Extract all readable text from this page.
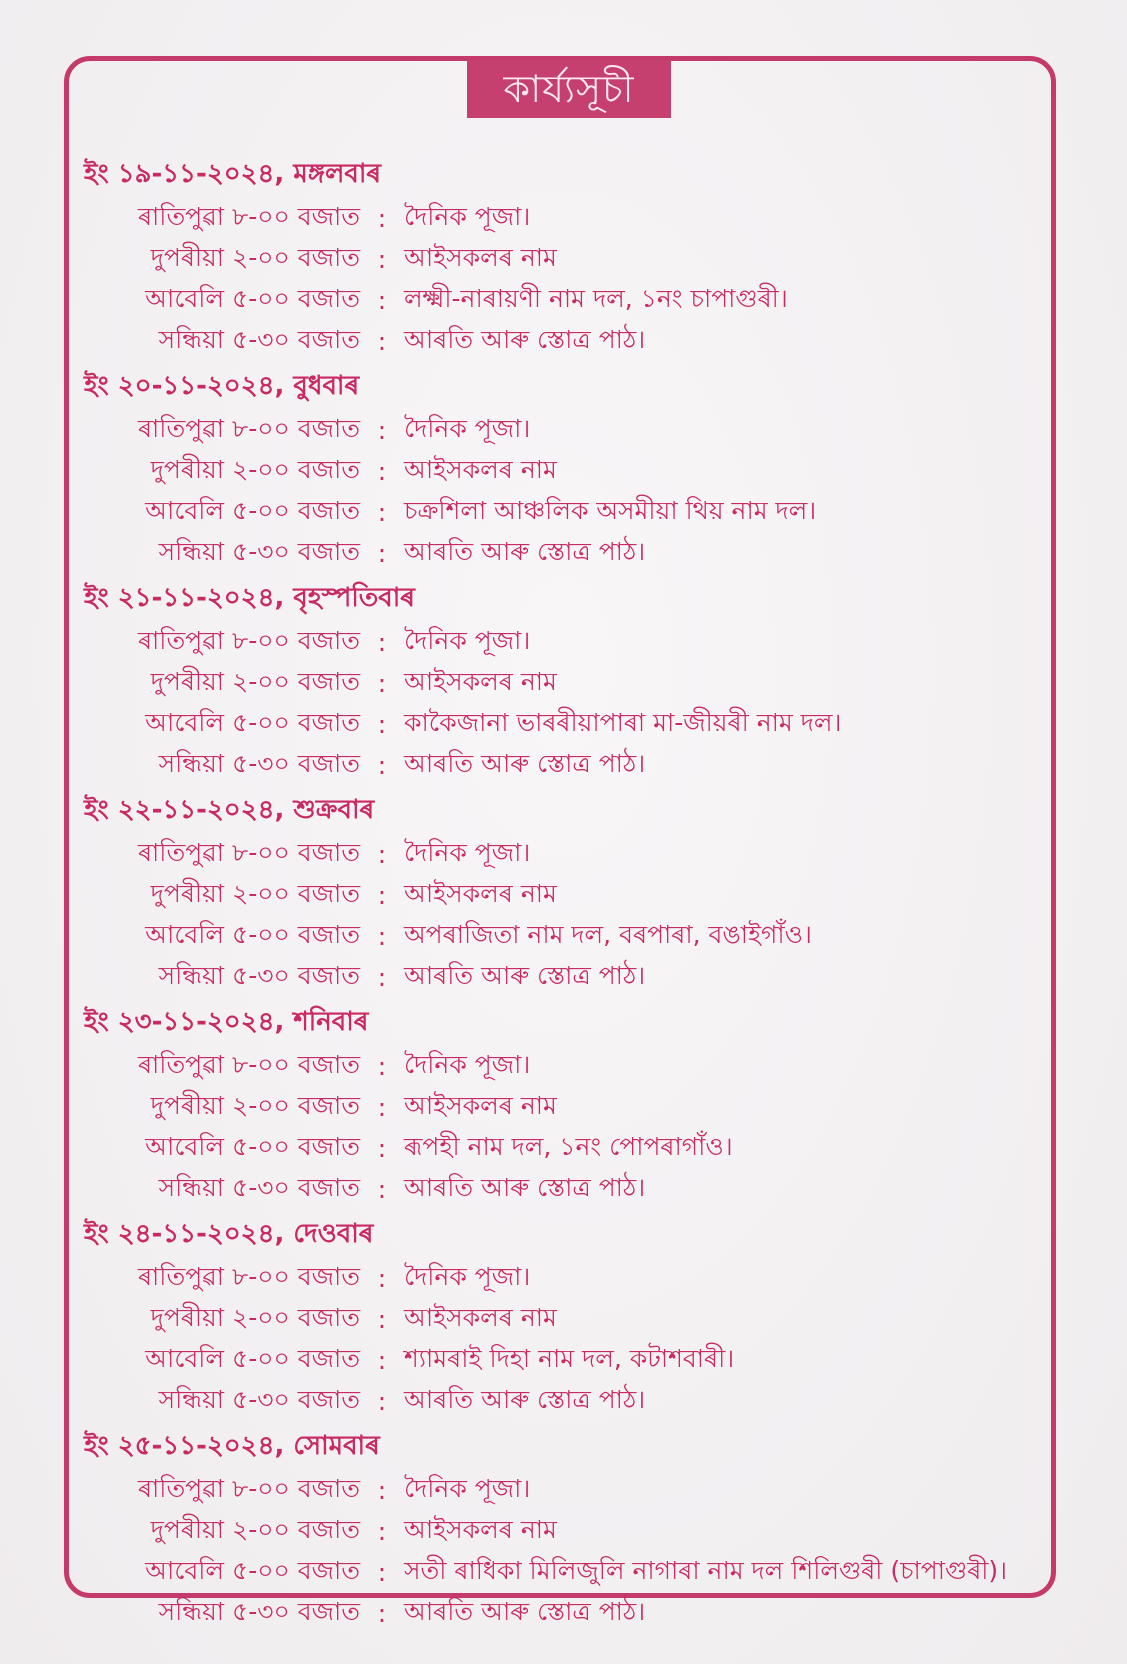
কাৰ্য্যসূচী
ইং ১৯-১১-২০২৪, মঙ্গলবাৰ
ৰাতিপুৱা ৮-০০ বজাত : দৈনিক পূজা।
দুপৰীয়া ২-০০ বজাত : আইসকলৰ নাম
আবেলি ৫-০০ বজাত : লক্ষ্মী-নাৰায়ণী নাম দল, ১নং চাপাগুৰী।
সন্ধিয়া ৫-৩০ বজাত : আৰতি আৰু স্তোত্ৰ পাঠ।
ইং ২০-১১-২০২৪, বুধবাৰ
ৰাতিপুৱা ৮-০০ বজাত : দৈনিক পূজা।
দুপৰীয়া ২-০০ বজাত : আইসকলৰ নাম
আবেলি ৫-০০ বজাত : চক্ৰশিলা আঞ্চলিক অসমীয়া থিয় নাম দল।
সন্ধিয়া ৫-৩০ বজাত : আৰতি আৰু স্তোত্ৰ পাঠ।
ইং ২১-১১-২০২৪, বৃহস্পতিবাৰ
ৰাতিপুৱা ৮-০০ বজাত : দৈনিক পূজা।
দুপৰীয়া ২-০০ বজাত : আইসকলৰ নাম
আবেলি ৫-০০ বজাত : কাকৈজানা ভাৰৰীয়াপাৰা মা-জীয়ৰী নাম দল।
সন্ধিয়া ৫-৩০ বজাত : আৰতি আৰু স্তোত্ৰ পাঠ।
ইং ২২-১১-২০২৪, শুক্ৰবাৰ
ৰাতিপুৱা ৮-০০ বজাত : দৈনিক পূজা।
দুপৰীয়া ২-০০ বজাত : আইসকলৰ নাম
আবেলি ৫-০০ বজাত : অপৰাজিতা নাম দল, বৰপাৰা, বঙাইগাঁও।
সন্ধিয়া ৫-৩০ বজাত : আৰতি আৰু স্তোত্ৰ পাঠ।
ইং ২৩-১১-২০২৪, শনিবাৰ
ৰাতিপুৱা ৮-০০ বজাত : দৈনিক পূজা।
দুপৰীয়া ২-০০ বজাত : আইসকলৰ নাম
আবেলি ৫-০০ বজাত : ৰূপহী নাম দল, ১নং পোপৰাগাঁও।
সন্ধিয়া ৫-৩০ বজাত : আৰতি আৰু স্তোত্ৰ পাঠ।
ইং ২৪-১১-২০২৪, দেওবাৰ
ৰাতিপুৱা ৮-০০ বজাত : দৈনিক পূজা।
দুপৰীয়া ২-০০ বজাত : আইসকলৰ নাম
আবেলি ৫-০০ বজাত : শ্যামৰাই দিহা নাম দল, কটাশবাৰী।
সন্ধিয়া ৫-৩০ বজাত : আৰতি আৰু স্তোত্ৰ পাঠ।
ইং ২৫-১১-২০২৪, সোমবাৰ
ৰাতিপুৱা ৮-০০ বজাত : দৈনিক পূজা।
দুপৰীয়া ২-০০ বজাত : আইসকলৰ নাম
আবেলি ৫-০০ বজাত : সতী ৰাধিকা মিলিজুলি নাগাৰা নাম দল শিলিগুৰী (চাপাগুৰী)।
সন্ধিয়া ৫-৩০ বজাত : আৰতি আৰু স্তোত্ৰ পাঠ।
